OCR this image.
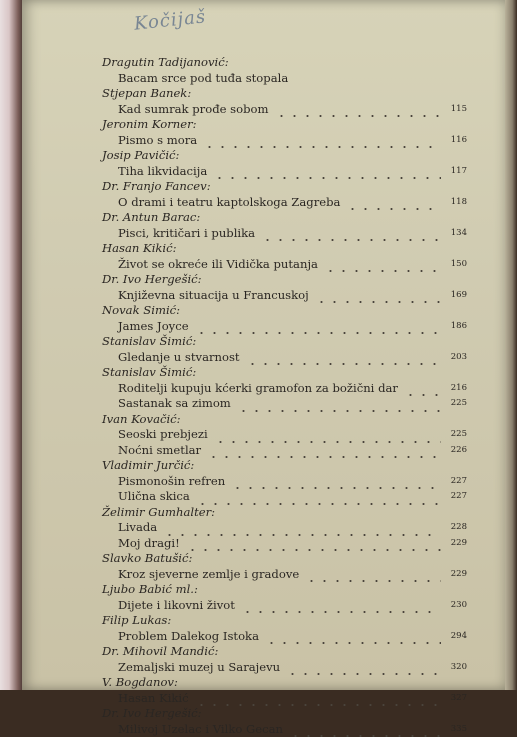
Kočijaš
Dragutin Tadijanović:
Bacam srce pod tuđa stopala
Stjepan Banek:
Kad sumrak prođe sobom	115
Jeronim Korner:
Pismo s mora	116
Josip Pavičić:
Tiha likvidacija	117
Dr. Franjo Fancev:
O drami i teatru kaptolskoga Zagreba	118
Dr. Antun Barac:
Pisci, kritičari i publika	134
Hasan Kikić:
Život se okreće ili Vidička putanja	150
Dr. Ivo Hergešić:
Književna situacija u Francuskoj	169
Novak Simić:
James Joyce	186
Stanislav Šimić:
Gledanje u stvarnost	203
Stanislav Šimić:
Roditelji kupuju kćerki gramofon za božični dar	216
Sastanak sa zimom	225
Ivan Kovačić:
Seoski prebjezi	225
Noćni smetlar	226
Vladimir Jurčić:
Pismonošin refren	227
Ulična skica	227
Želimir Gumhalter:
Livada	228
Moj dragi!	229
Slavko Batušić:
Kroz sjeverne zemlje i gradove	229
Ljubo Babić ml.:
Dijete i likovni život	230
Filip Lukas:
Problem Dalekog Istoka	294
Dr. Mihovil Mandić:
Zemaljski muzej u Sarajevu	320
V. Bogdanov:
Hasan Kikić	327
Dr. Ivo Hergešić:
Milivoj Uzelac i Vilko Gecan	335
